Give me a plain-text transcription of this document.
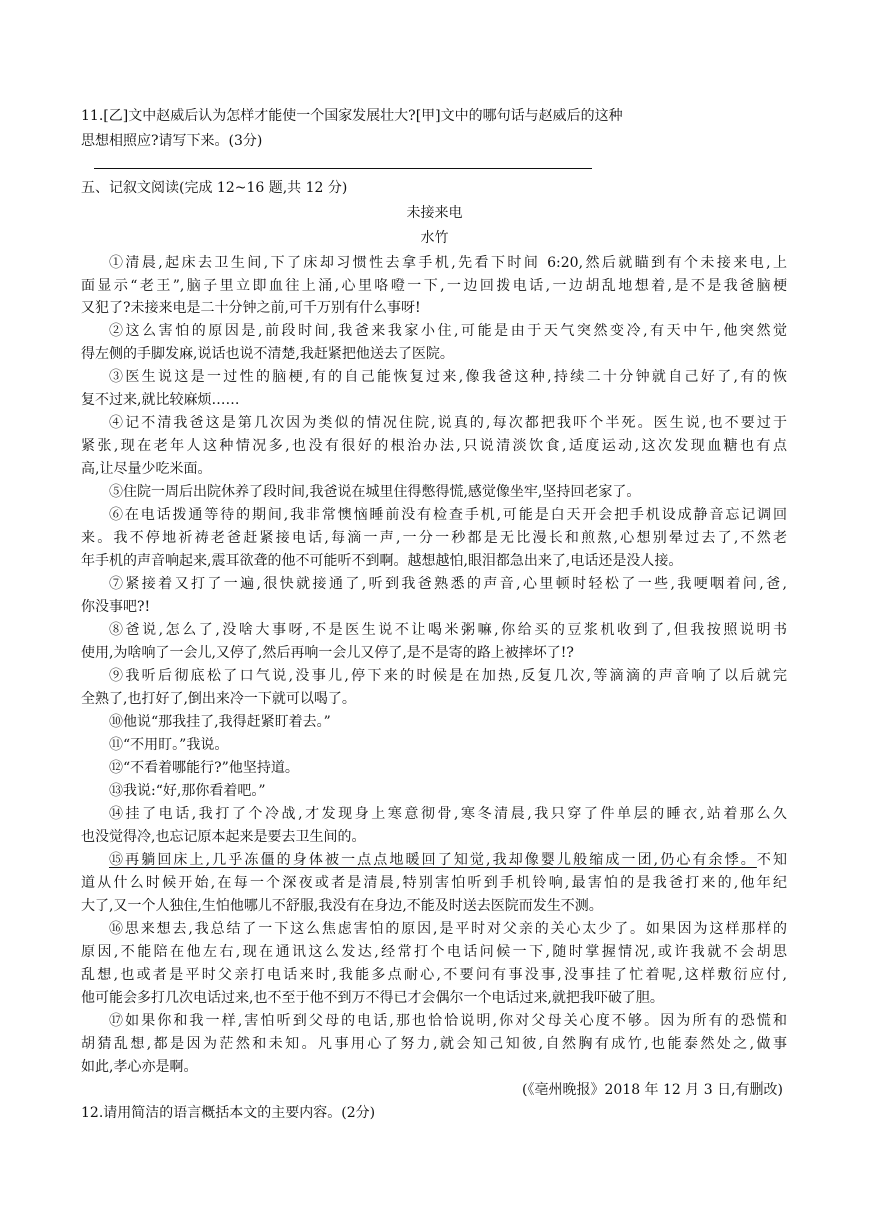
11.[乙]文中赵威后认为怎样才能使一个国家发展壮大?[甲]文中的哪句话与赵威后的这种
思想相照应?请写下来。(3分)
五、记叙文阅读(完成 12~16 题,共 12 分)
未接来电
水竹
①清晨,起床去卫生间,下了床却习惯性去拿手机,先看下时间 6:20,然后就瞄到有个未接来电,上
面显示“老王”,脑子里立即血往上涌,心里咯噔一下,一边回拨电话,一边胡乱地想着,是不是我爸脑梗
又犯了?未接来电是二十分钟之前,可千万别有什么事呀!
②这么害怕的原因是,前段时间,我爸来我家小住,可能是由于天气突然变冷,有天中午,他突然觉
得左侧的手脚发麻,说话也说不清楚,我赶紧把他送去了医院。
③医生说这是一过性的脑梗,有的自己能恢复过来,像我爸这种,持续二十分钟就自己好了,有的恢
复不过来,就比较麻烦……
④记不清我爸这是第几次因为类似的情况住院,说真的,每次都把我吓个半死。医生说,也不要过于
紧张,现在老年人这种情况多,也没有很好的根治办法,只说清淡饮食,适度运动,这次发现血糖也有点
高,让尽量少吃米面。
⑤住院一周后出院休养了段时间,我爸说在城里住得憋得慌,感觉像坐牢,坚持回老家了。
⑥在电话拨通等待的期间,我非常懊恼睡前没有检查手机,可能是白天开会把手机设成静音忘记调回
来。我不停地祈祷老爸赶紧接电话,每滴一声,一分一秒都是无比漫长和煎熬,心想别晕过去了,不然老
年手机的声音响起来,震耳欲聋的他不可能听不到啊。越想越怕,眼泪都急出来了,电话还是没人接。
⑦紧接着又打了一遍,很快就接通了,听到我爸熟悉的声音,心里顿时轻松了一些,我哽咽着问,爸,
你没事吧?!
⑧爸说,怎么了,没啥大事呀,不是医生说不让喝米粥嘛,你给买的豆浆机收到了,但我按照说明书
使用,为啥响了一会儿,又停了,然后再响一会儿又停了,是不是寄的路上被摔坏了!?
⑨我听后彻底松了口气说,没事儿,停下来的时候是在加热,反复几次,等滴滴的声音响了以后就完
全熟了,也打好了,倒出来冷一下就可以喝了。
⑩他说“那我挂了,我得赶紧盯着去。”
⑪“不用盯。”我说。
⑫“不看着哪能行?”他坚持道。
⑬我说:“好,那你看着吧。”
⑭挂了电话,我打了个冷战,才发现身上寒意彻骨,寒冬清晨,我只穿了件单层的睡衣,站着那么久
也没觉得冷,也忘记原本起来是要去卫生间的。
⑮再躺回床上,几乎冻僵的身体被一点点地暖回了知觉,我却像婴儿般缩成一团,仍心有余悸。不知
道从什么时候开始,在每一个深夜或者是清晨,特别害怕听到手机铃响,最害怕的是我爸打来的,他年纪
大了,又一个人独住,生怕他哪儿不舒服,我没有在身边,不能及时送去医院而发生不测。
⑯思来想去,我总结了一下这么焦虑害怕的原因,是平时对父亲的关心太少了。如果因为这样那样的
原因,不能陪在他左右,现在通讯这么发达,经常打个电话问候一下,随时掌握情况,或许我就不会胡思
乱想,也或者是平时父亲打电话来时,我能多点耐心,不要问有事没事,没事挂了忙着呢,这样敷衍应付,
他可能会多打几次电话过来,也不至于他不到万不得已才会偶尔一个电话过来,就把我吓破了胆。
⑰如果你和我一样,害怕听到父母的电话,那也恰恰说明,你对父母关心度不够。因为所有的恐慌和
胡猜乱想,都是因为茫然和未知。凡事用心了努力,就会知己知彼,自然胸有成竹,也能泰然处之,做事
如此,孝心亦是啊。
(《亳州晚报》2018 年 12 月 3 日,有删改)
12.请用简洁的语言概括本文的主要内容。(2分)
